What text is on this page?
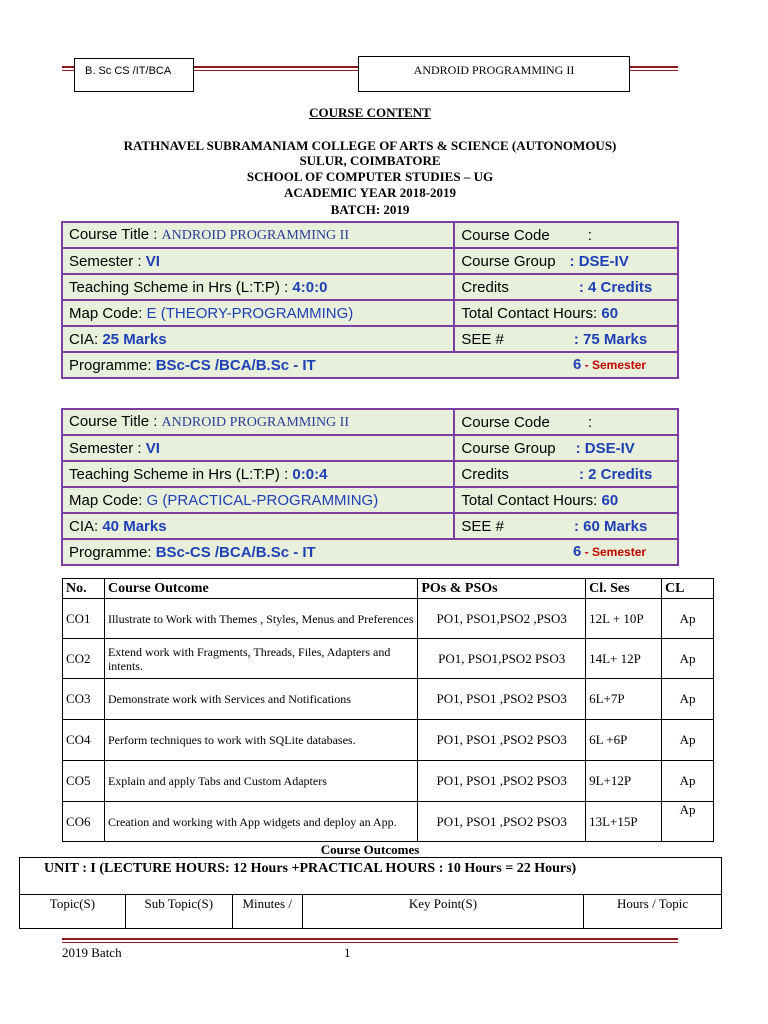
B. Sc CS /IT/BCA	ANDROID PROGRAMMING II
COURSE CONTENT
RATHNAVEL SUBRAMANIAM COLLEGE OF ARTS & SCIENCE (AUTONOMOUS)
SULUR, COIMBATORE
SCHOOL OF COMPUTER STUDIES – UG
ACADEMIC YEAR 2018-2019
BATCH: 2019
Course Title : ANDROID PROGRAMMING II	Course Code :
Semester : VI	Course Group : DSE-IV
Teaching Scheme in Hrs (L:T:P) : 4:0:0	Credits : 4 Credits
Map Code: E (THEORY-PROGRAMMING)	Total Contact Hours: 60
CIA: 25 Marks	SEE # : 75 Marks
Programme: BSc-CS /BCA/B.Sc - IT 6 - Semester	
Course Title : ANDROID PROGRAMMING II	Course Code :
Semester : VI	Course Group : DSE-IV
Teaching Scheme in Hrs (L:T:P) : 0:0:4	Credits : 2 Credits
Map Code: G (PRACTICAL-PROGRAMMING)	Total Contact Hours: 60
CIA: 40 Marks	SEE # : 60 Marks
Programme: BSc-CS /BCA/B.Sc - IT 6 - Semester	
No.	Course Outcome	POs & PSOs	Cl. Ses	CL
CO1	Illustrate to Work with Themes , Styles, Menus and Preferences	PO1, PSO1,PSO2 ,PSO3	12L + 10P	Ap
CO2	Extend work with Fragments, Threads, Files, Adapters and intents.	PO1, PSO1,PSO2 PSO3	14L+ 12P	Ap
CO3	Demonstrate work with Services and Notifications	PO1, PSO1 ,PSO2 PSO3	6L+7P	Ap
CO4	Perform techniques to work with SQLite databases.	PO1, PSO1 ,PSO2 PSO3	6L +6P	Ap
CO5	Explain and apply Tabs and Custom Adapters	PO1, PSO1 ,PSO2 PSO3	9L+12P	Ap
CO6	Creation and working with App widgets and deploy an App.	PO1, PSO1 ,PSO2 PSO3	13L+15P	Ap
Course Outcomes
UNIT : I (LECTURE HOURS: 12 Hours +PRACTICAL HOURS : 10 Hours = 22 Hours)
Topic(S)	Sub Topic(S)	Minutes /	Key Point(S)	Hours / Topic
2019 Batch	1
